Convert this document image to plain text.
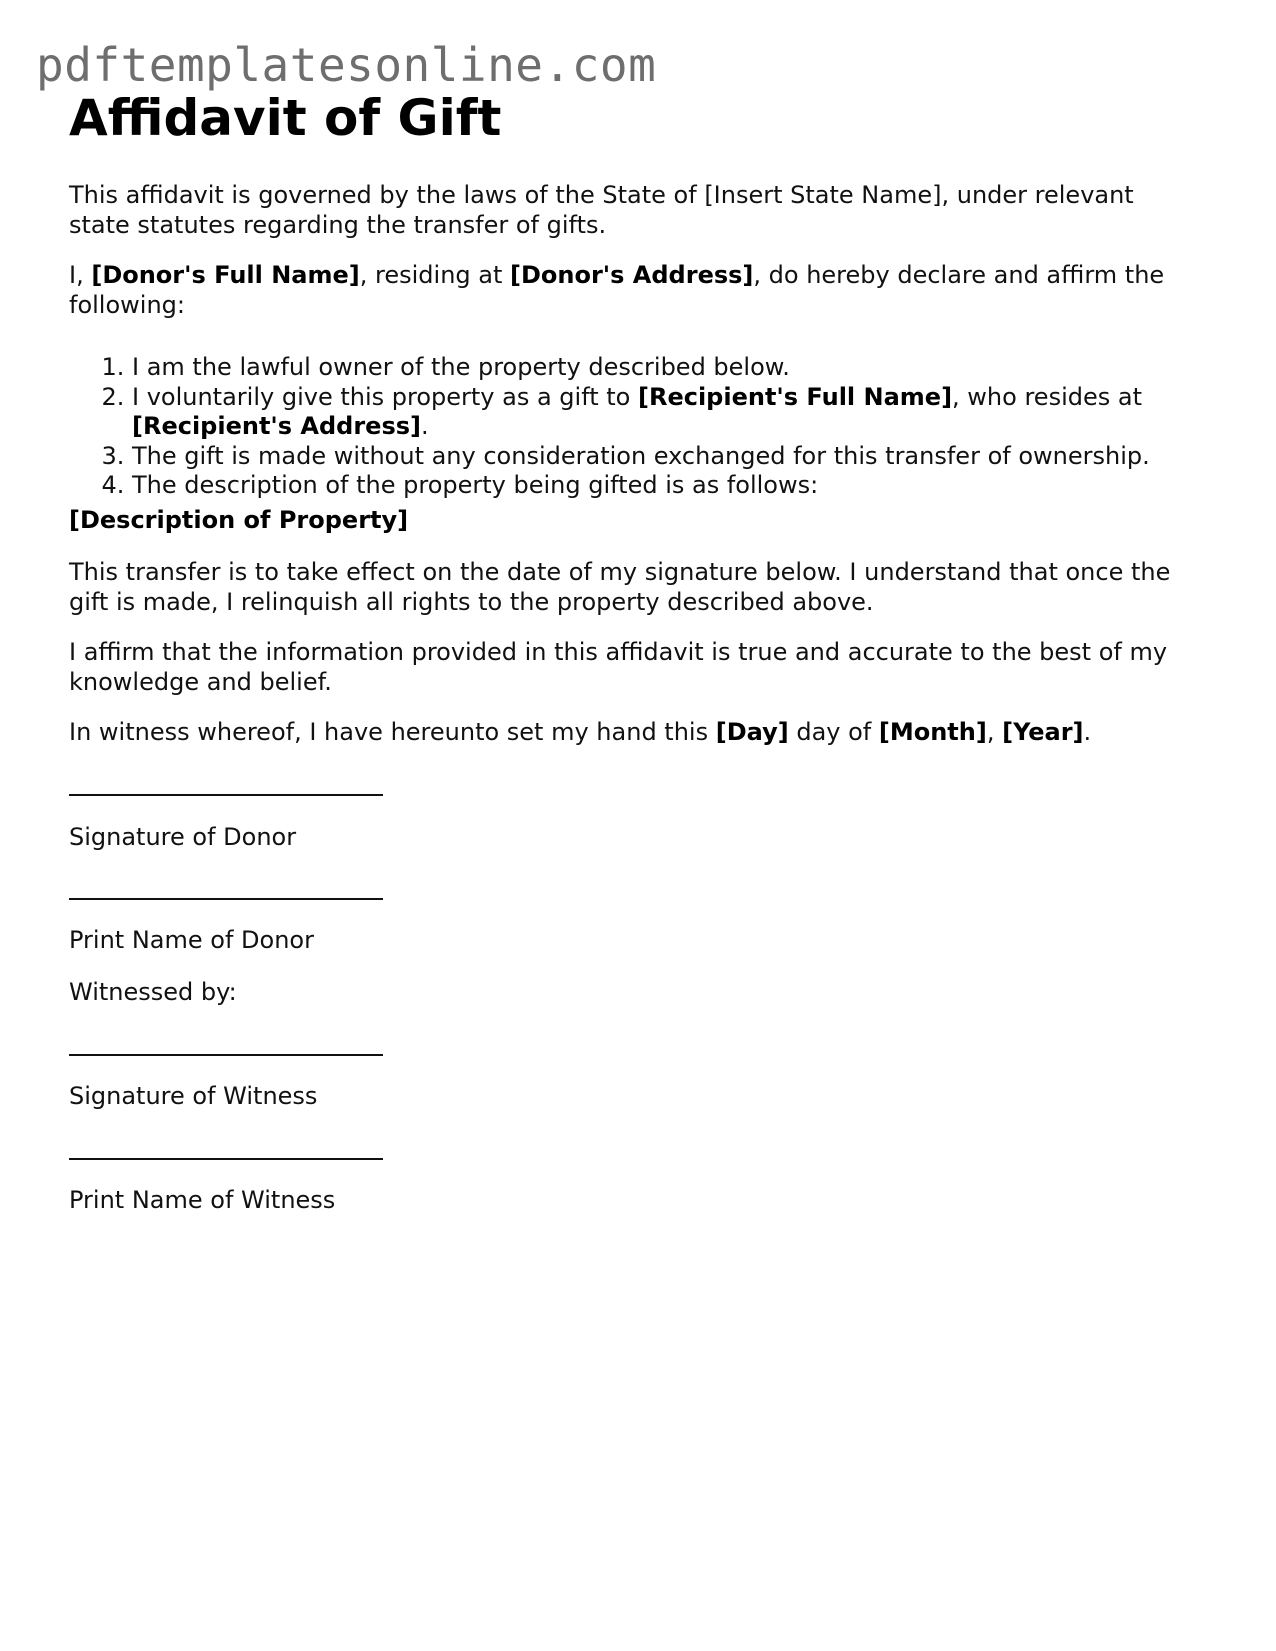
pdftemplatesonline.com
Affidavit of Gift

This affidavit is governed by the laws of the State of [Insert State Name], under relevant state statutes regarding the transfer of gifts.

I, [Donor's Full Name], residing at [Donor's Address], do hereby declare and affirm the following:

1. I am the lawful owner of the property described below.
2. I voluntarily give this property as a gift to [Recipient's Full Name], who resides at [Recipient's Address].
3. The gift is made without any consideration exchanged for this transfer of ownership.
4. The description of the property being gifted is as follows:

[Description of Property]

This transfer is to take effect on the date of my signature below. I understand that once the gift is made, I relinquish all rights to the property described above.

I affirm that the information provided in this affidavit is true and accurate to the best of my knowledge and belief.

In witness whereof, I have hereunto set my hand this [Day] day of [Month], [Year].

Signature of Donor

Print Name of Donor

Witnessed by:

Signature of Witness

Print Name of Witness
